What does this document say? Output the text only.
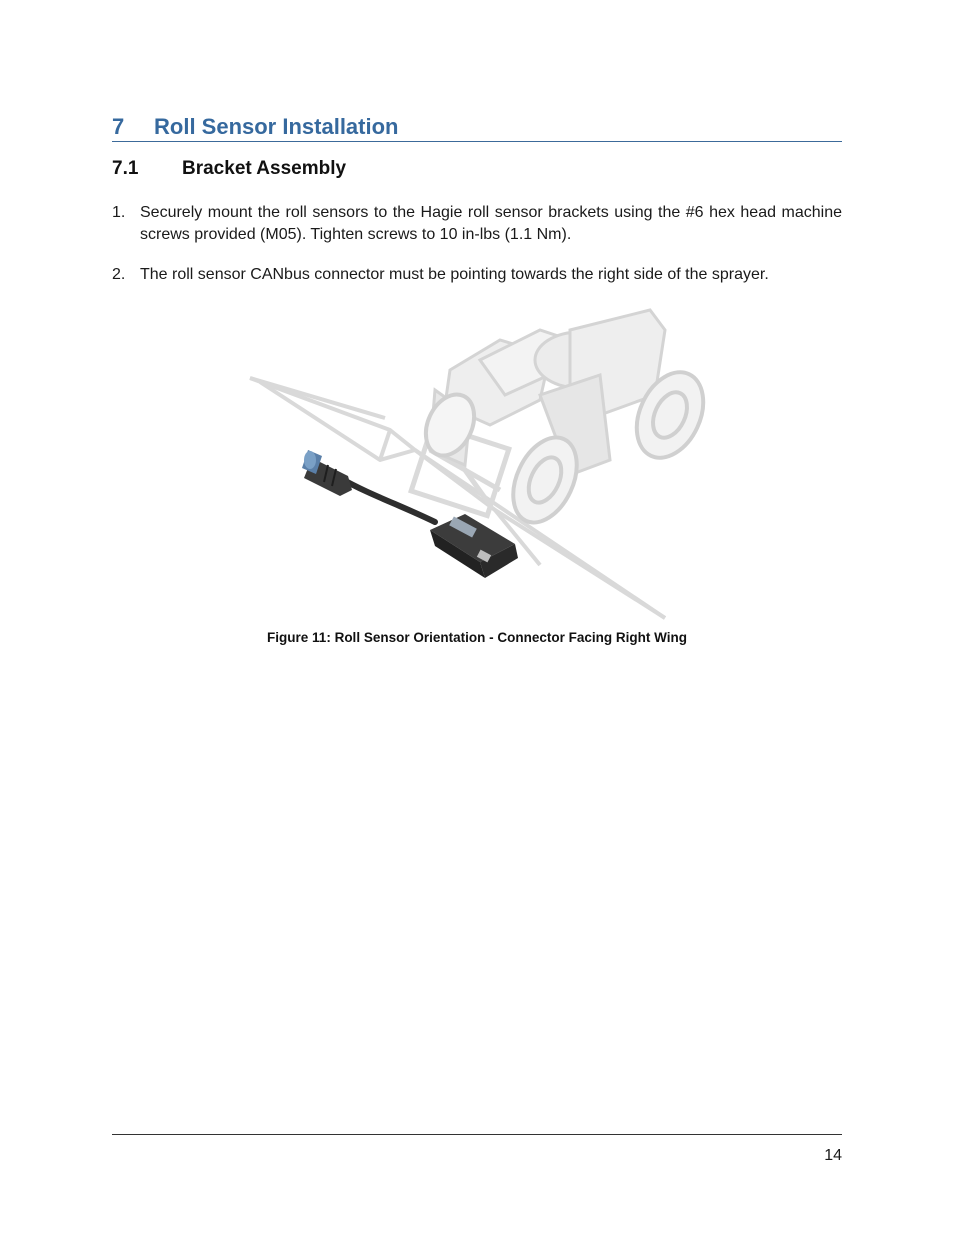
7 Roll Sensor Installation
7.1 Bracket Assembly
1. Securely mount the roll sensors to the Hagie roll sensor brackets using the #6 hex head machine screws provided (M05). Tighten screws to 10 in-lbs (1.1 Nm).
2. The roll sensor CANbus connector must be pointing towards the right side of the sprayer.
Figure 11: Roll Sensor Orientation - Connector Facing Right Wing
14
